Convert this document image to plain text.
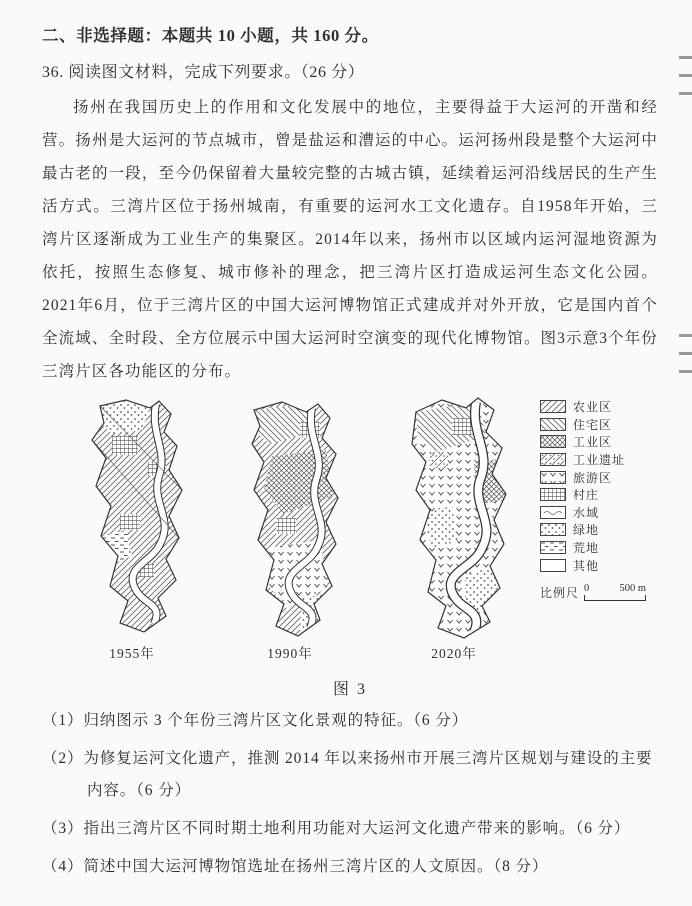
二、非选择题：本题共 10 小题，共 160 分。
36. 阅读图文材料，完成下列要求。（26 分）
扬州在我国历史上的作用和文化发展中的地位，主要得益于大运河的开凿和经营。扬州是大运河的节点城市，曾是盐运和漕运的中心。运河扬州段是整个大运河中最古老的一段，至今仍保留着大量较完整的古城古镇，延续着运河沿线居民的生产生活方式。三湾片区位于扬州城南，有重要的运河水工文化遗存。自1958年开始，三湾片区逐渐成为工业生产的集聚区。2014年以来，扬州市以区域内运河湿地资源为依托，按照生态修复、城市修补的理念，把三湾片区打造成运河生态文化公园。2021年6月，位于三湾片区的中国大运河博物馆正式建成并对外开放，它是国内首个全流域、全时段、全方位展示中国大运河时空演变的现代化博物馆。图3示意3个年份三湾片区各功能区的分布。
1955年	1990年	2020年
农业区
住宅区
工业区
工业遗址
旅游区
村庄
水域
绿地
荒地
其他
比例尺 0	500 m
图 3

（1）归纳图示 3 个年份三湾片区文化景观的特征。（6 分）

（2）为修复运河文化遗产，推测 2014 年以来扬州市开展三湾片区规划与建设的主要内容。（6 分）

（3）指出三湾片区不同时期土地利用功能对大运河文化遗产带来的影响。（6 分）

（4）简述中国大运河博物馆选址在扬州三湾片区的人文原因。（8 分）
